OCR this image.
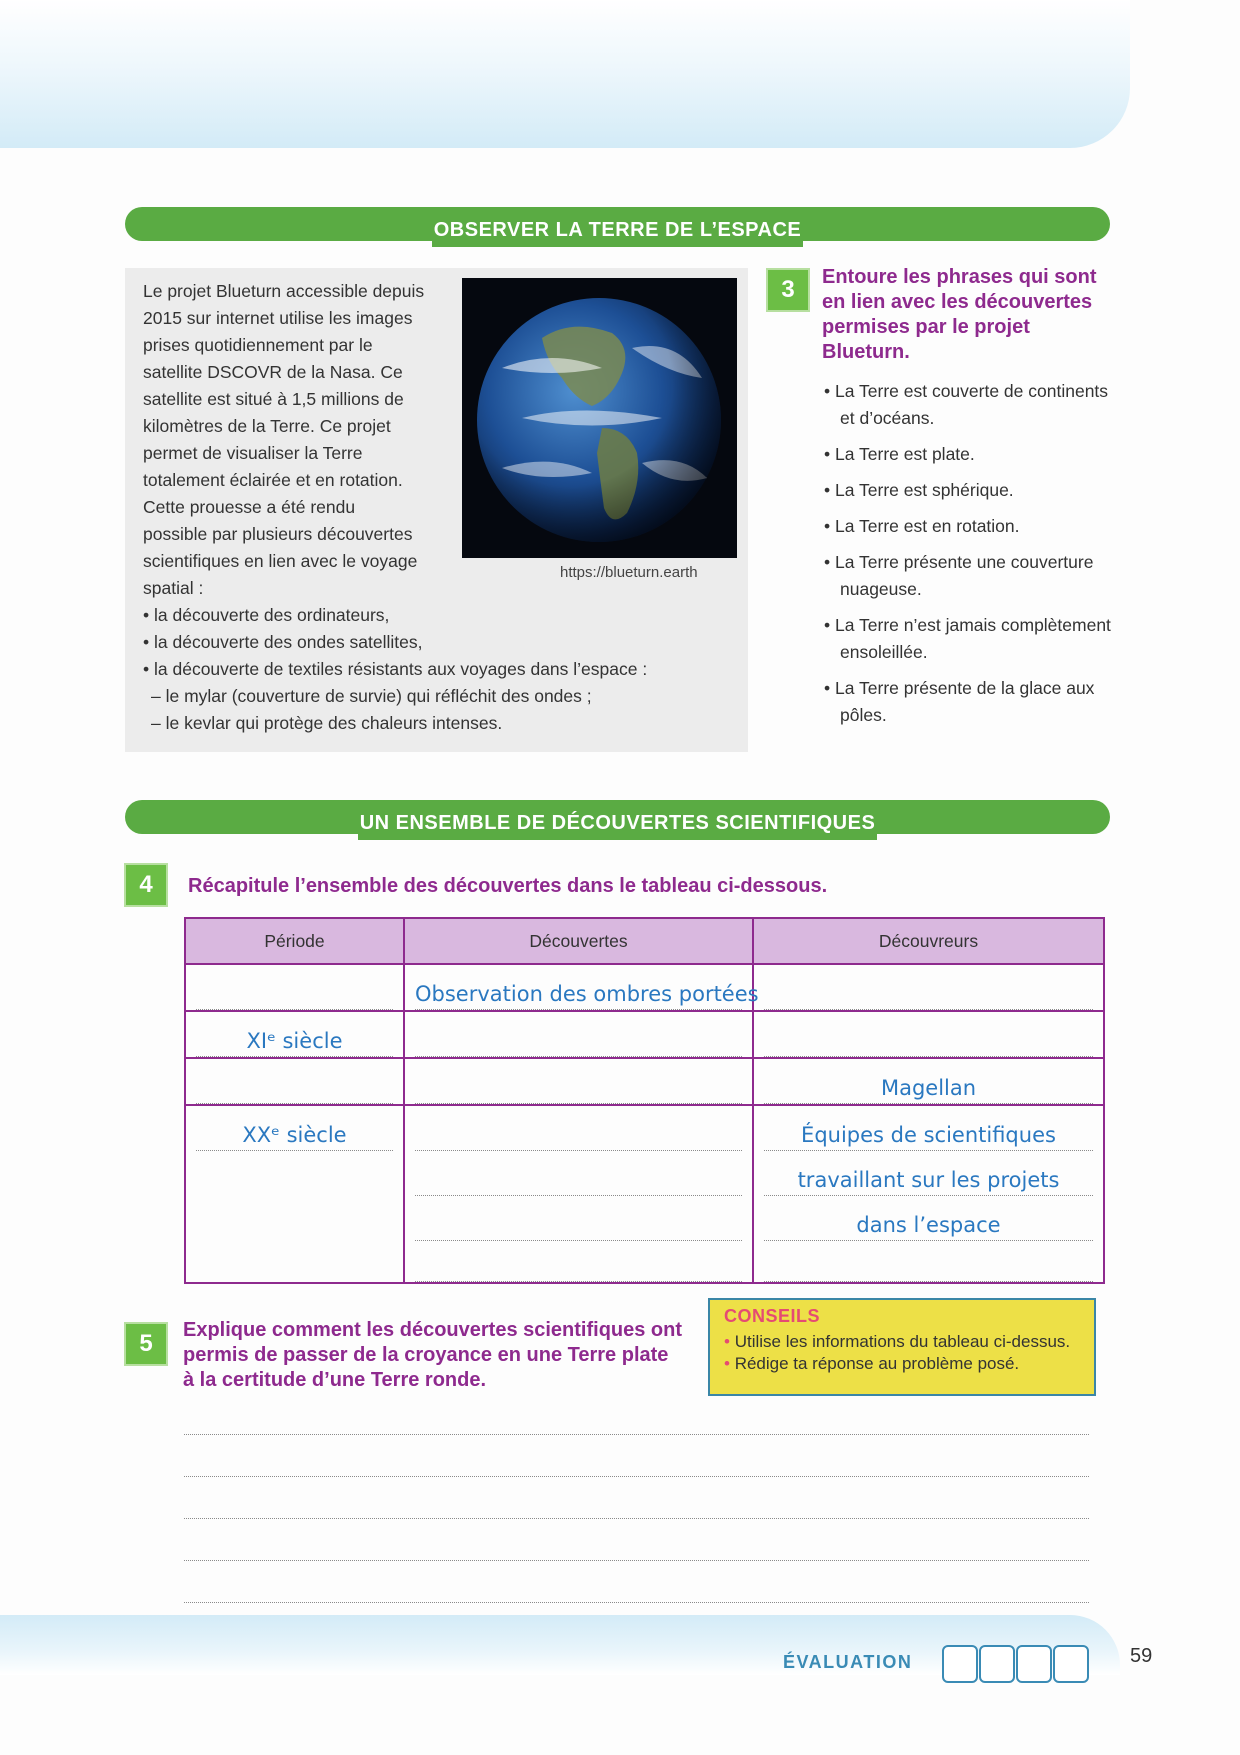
OBSERVER LA TERRE DE L’ESPACE

Le projet Blueturn accessible depuis

2015 sur internet utilise les images

prises quotidiennement par le

satellite DSCOVR de la Nasa. Ce

satellite est situé à 1,5 millions de

kilomètres de la Terre. Ce projet

permet de visualiser la Terre

totalement éclairée et en rotation.

Cette prouesse a été rendu

possible par plusieurs découvertes

scientifiques en lien avec le voyage

spatial :

• la découverte des ordinateurs,

• la découverte des ondes satellites,

• la découverte de textiles résistants aux voyages dans l’espace :

– le mylar (couverture de survie) qui réfléchit des ondes ;

– le kevlar qui protège des chaleurs intenses.

https://blueturn.earth
3	Entoure les phrases qui sont
en lien avec les découvertes
permises par le projet
Blueturn.
• La Terre est couverte de continents et d’océans.
• La Terre est plate.
• La Terre est sphérique.
• La Terre est en rotation.
• La Terre présente une couverture nuageuse.
• La Terre n’est jamais complètement ensoleillée.
• La Terre présente de la glace aux pôles.
UN ENSEMBLE DE DÉCOUVERTES SCIENTIFIQUES
4	Récapitule l’ensemble des découvertes dans le tableau ci-dessous.
Période	Découvertes	Découvreurs

	Observation des ombres portées	

XIᵉ siècle		

		Magellan

XXᵉ siècle		Équipes de scientifiques
travaillant sur les projets
dans l’espace
5	Explique comment les découvertes scientifiques ont
permis de passer de la croyance en une Terre plate
à la certitude d’une Terre ronde.
CONSEILS
• Utilise les informations du tableau ci-dessus.
• Rédige ta réponse au problème posé.
ÉVALUATION	59
